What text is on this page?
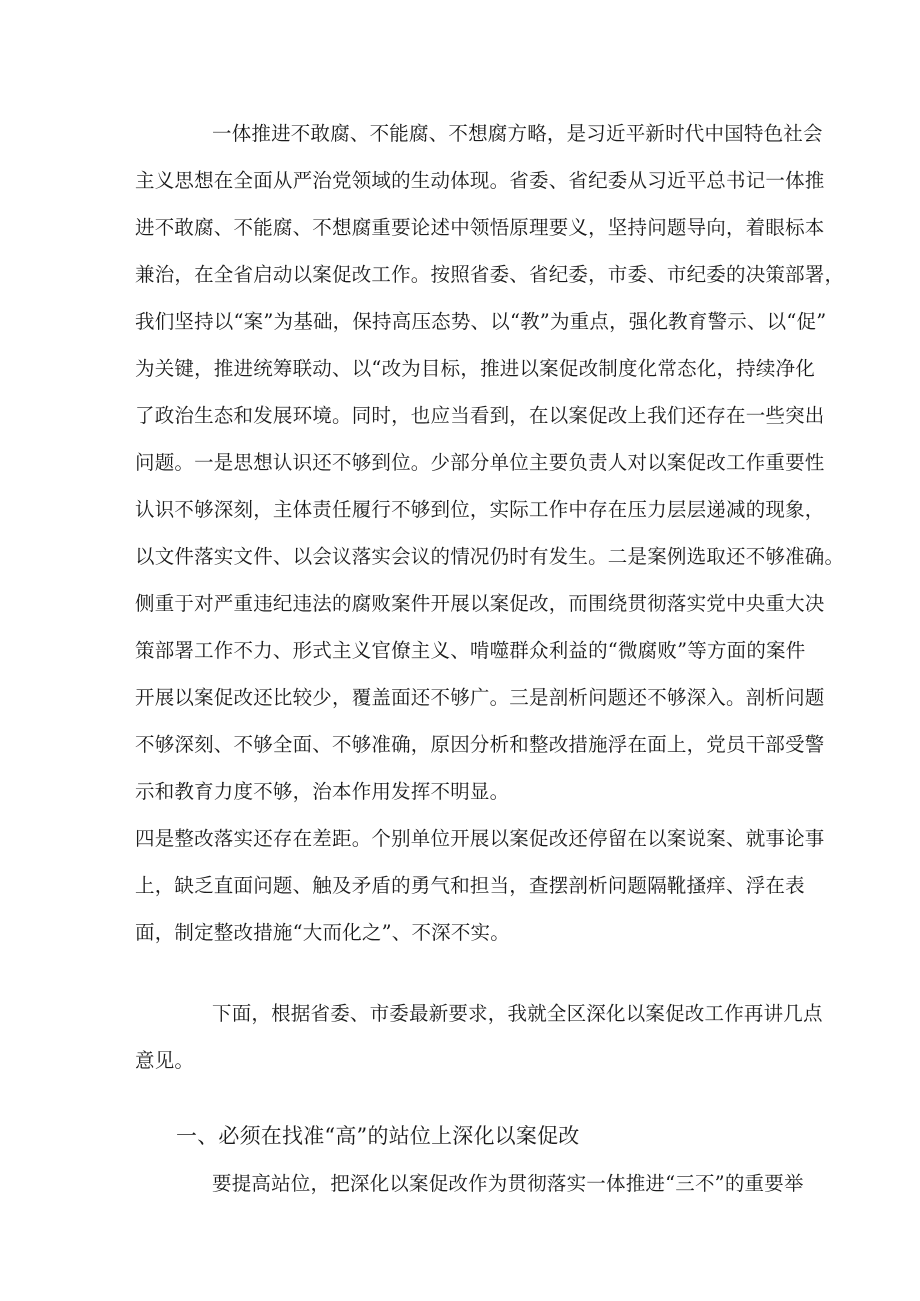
一体推进不敢腐、不能腐、不想腐方略，是习近平新时代中国特色社会

主义思想在全面从严治党领域的生动体现。省委、省纪委从习近平总书记一体推

进不敢腐、不能腐、不想腐重要论述中领悟原理要义，坚持问题导向，着眼标本

兼治，在全省启动以案促改工作。按照省委、省纪委，市委、市纪委的决策部署，

我们坚持以“案”为基础，保持高压态势、以“教”为重点，强化教育警示、以“促”

为关键，推进统筹联动、以“改为目标，推进以案促改制度化常态化，持续净化

了政治生态和发展环境。同时，也应当看到，在以案促改上我们还存在一些突出

问题。一是思想认识还不够到位。少部分单位主要负责人对以案促改工作重要性

认识不够深刻，主体责任履行不够到位，实际工作中存在压力层层递减的现象，

以文件落实文件、以会议落实会议的情况仍时有发生。二是案例选取还不够准确。

侧重于对严重违纪违法的腐败案件开展以案促改，而围绕贯彻落实党中央重大决

策部署工作不力、形式主义官僚主义、啃噬群众利益的“微腐败”等方面的案件

开展以案促改还比较少，覆盖面还不够广。三是剖析问题还不够深入。剖析问题

不够深刻、不够全面、不够准确，原因分析和整改措施浮在面上，党员干部受警

示和教育力度不够，治本作用发挥不明显。

四是整改落实还存在差距。个别单位开展以案促改还停留在以案说案、就事论事

上，缺乏直面问题、触及矛盾的勇气和担当，查摆剖析问题隔靴搔痒、浮在表

面，制定整改措施“大而化之”、不深不实。

下面，根据省委、市委最新要求，我就全区深化以案促改工作再讲几点

意见。

一、必须在找准“高”的站位上深化以案促改

要提高站位，把深化以案促改作为贯彻落实一体推进“三不”的重要举
